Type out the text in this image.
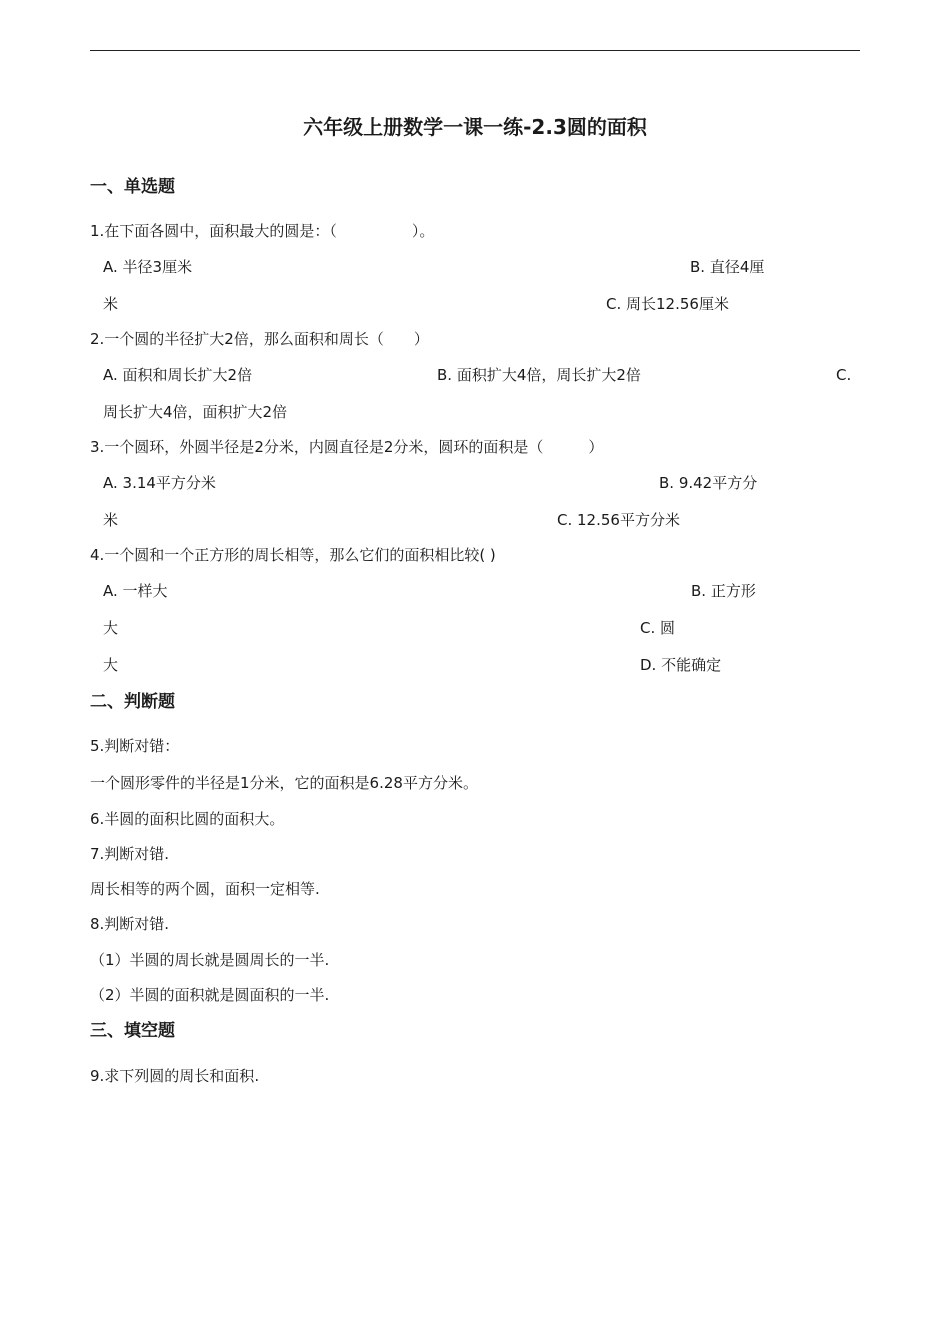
六年级上册数学一课一练-2.3圆的面积
一、单选题
1.在下面各圆中，面积最大的圆是：（　　　　　）。
A. 半径3厘米	B. 直径4厘
米	C. 周长12.56厘米
2.一个圆的半径扩大2倍，那么面积和周长（　　）
A. 面积和周长扩大2倍	B. 面积扩大4倍，周长扩大2倍	C.
周长扩大4倍，面积扩大2倍
3.一个圆环，外圆半径是2分米，内圆直径是2分米，圆环的面积是（　　　）
A. 3.14平方分米	B. 9.42平方分
米	C. 12.56平方分米
4.一个圆和一个正方形的周长相等，那么它们的面积相比较( )
A. 一样大	B. 正方形
大	C. 圆
大	D. 不能确定
二、判断题
5.判断对错：
一个圆形零件的半径是1分米，它的面积是6.28平方分米。
6.半圆的面积比圆的面积大。
7.判断对错.
周长相等的两个圆，面积一定相等.
8.判断对错.
（1）半圆的周长就是圆周长的一半.
（2）半圆的面积就是圆面积的一半.
三、填空题
9.求下列圆的周长和面积.
